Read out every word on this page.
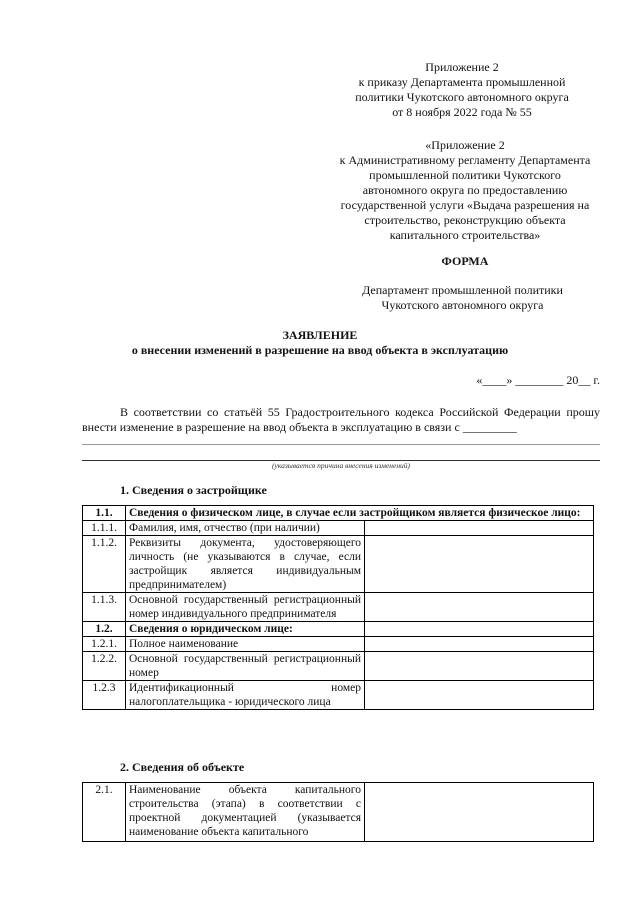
Приложение 2
к приказу Департамента промышленной
политики Чукотского автономного округа
от 8 ноября 2022 года № 55
«Приложение 2
к Административному регламенту Департамента
промышленной политики Чукотского
автономного округа по предоставлению
государственной услуги «Выдача разрешения на
строительство, реконструкцию объекта
капитального строительства»
ФОРМА
Департамент промышленной политики
Чукотского автономного округа
ЗАЯВЛЕНИЕ
о внесении изменений в разрешение на ввод объекта в эксплуатацию
«____» ________ 20__ г.
В соответствии со статьёй 55 Градостроительного кодекса Российской Федерации прошу внести изменение в разрешение на ввод объекта в эксплуатацию в связи с _________
(указывается причина внесения изменений)
1. Сведения о застройщике
1.1.	Сведения о физическом лице, в случае если застройщиком является физическое лицо:	
1.1.1.	Фамилия, имя, отчество (при наличии)	
1.1.2.	Реквизиты документа, удостоверяющего личность (не указываются в случае, если застройщик является индивидуальным предпринимателем)	
1.1.3.	Основной государственный регистрационный номер индивидуального предпринимателя	
1.2.	Сведения о юридическом лице:	
1.2.1.	Полное наименование	
1.2.2.	Основной государственный регистрационный номер	
1.2.3	Идентификационный номер налогоплательщика - юридического лица	
2. Сведения об объекте
2.1.	Наименование объекта капитального строительства (этапа) в соответствии с проектной документацией (указывается наименование объекта капитального	
